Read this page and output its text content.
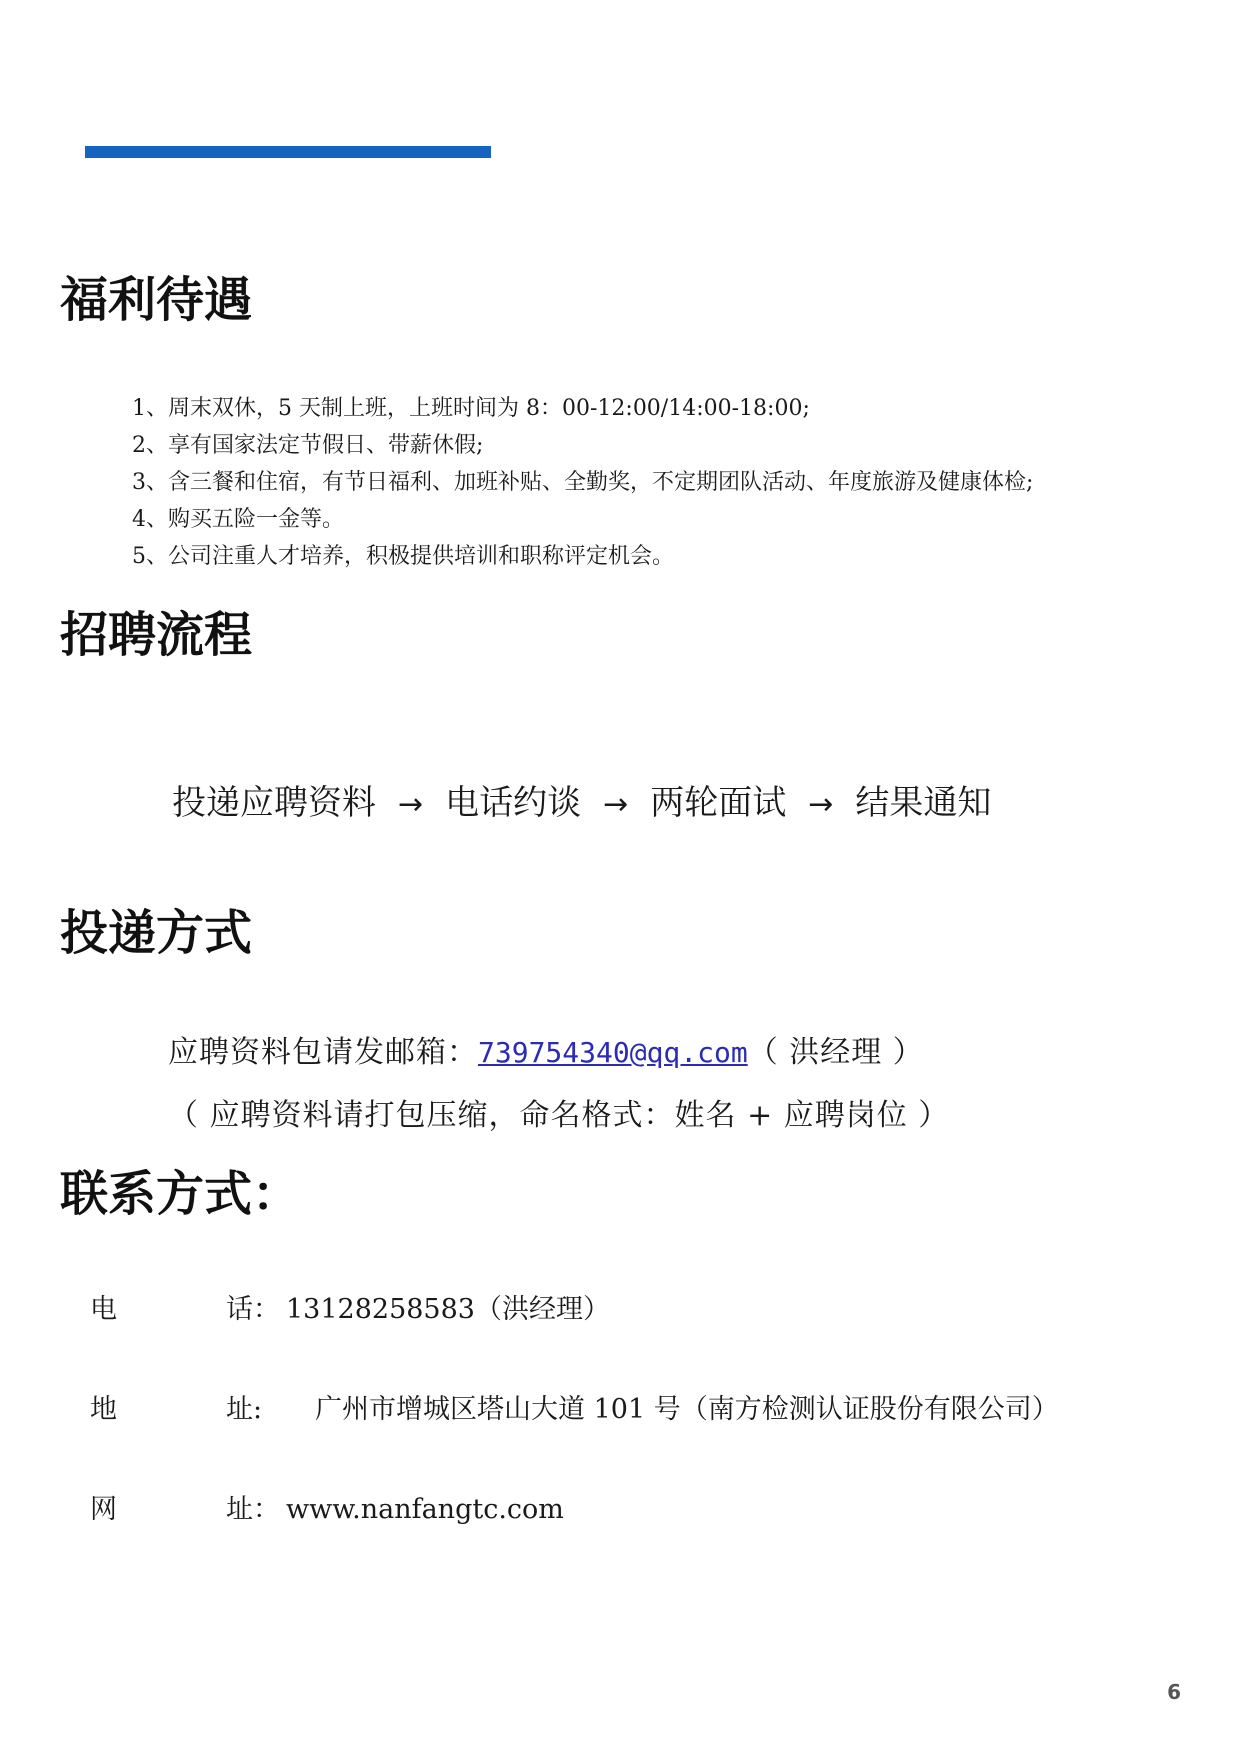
福利待遇
1、周末双休，5 天制上班，上班时间为 8：00-12:00/14:00-18:00;
2、享有国家法定节假日、带薪休假;
3、含三餐和住宿，有节日福利、加班补贴、全勤奖，不定期团队活动、年度旅游及健康体检;
4、购买五险一金等。
5、公司注重人才培养，积极提供培训和职称评定机会。
招聘流程
投递应聘资料 → 电话约谈 → 两轮面试 → 结果通知
投递方式
应聘资料包请发邮箱：739754340@qq.com（ 洪经理 ）
（ 应聘资料请打包压缩，命名格式：姓名 + 应聘岗位 ）
联系方式：
电	话： 13128258583（洪经理）
地	址: 广州市增城区塔山大道 101 号（南方检测认证股份有限公司）
网	址： www.nanfangtc.com
6
